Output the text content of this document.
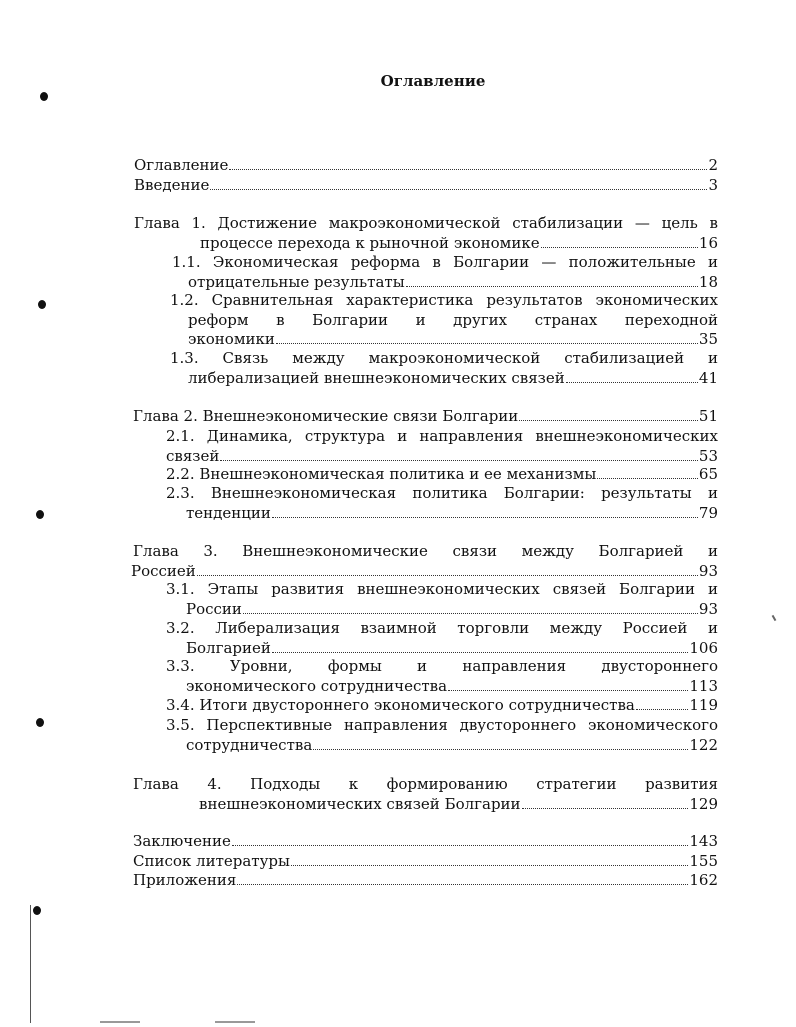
Оглавление
Оглавление	2
Введение	3
Глава 1. Достижение макроэкономической стабилизации — цель в
процессе перехода к рыночной экономике	16
1.1. Экономическая реформа в Болгарии — положительные и
отрицательные результаты	18
1.2. Сравнительная характеристика результатов экономических
реформ в Болгарии и других странах переходной
экономики	35
1.3. Связь между макроэкономической стабилизацией и
либерализацией внешнеэкономических связей	41
Глава 2. Внешнеэкономические связи Болгарии	51
2.1. Динамика, структура и направления внешнеэкономических
связей	53
2.2. Внешнеэкономическая политика и ее механизмы	65
2.3. Внешнеэкономическая политика Болгарии: результаты и
тенденции	79
Глава 3. Внешнеэкономические связи между Болгарией и
Россией	93
3.1. Этапы развития внешнеэкономических связей Болгарии и
России	93
3.2. Либерализация взаимной торговли между Россией и
Болгарией	106
3.3. Уровни, формы и направления двустороннего
экономического сотрудничества	113
3.4. Итоги двустороннего экономического сотрудничества	119
3.5. Перспективные направления двустороннего экономического
сотрудничества	122
Глава 4. Подходы к формированию стратегии развития
внешнеэкономических связей Болгарии	129
Заключение	143
Список литературы	155
Приложения	162
